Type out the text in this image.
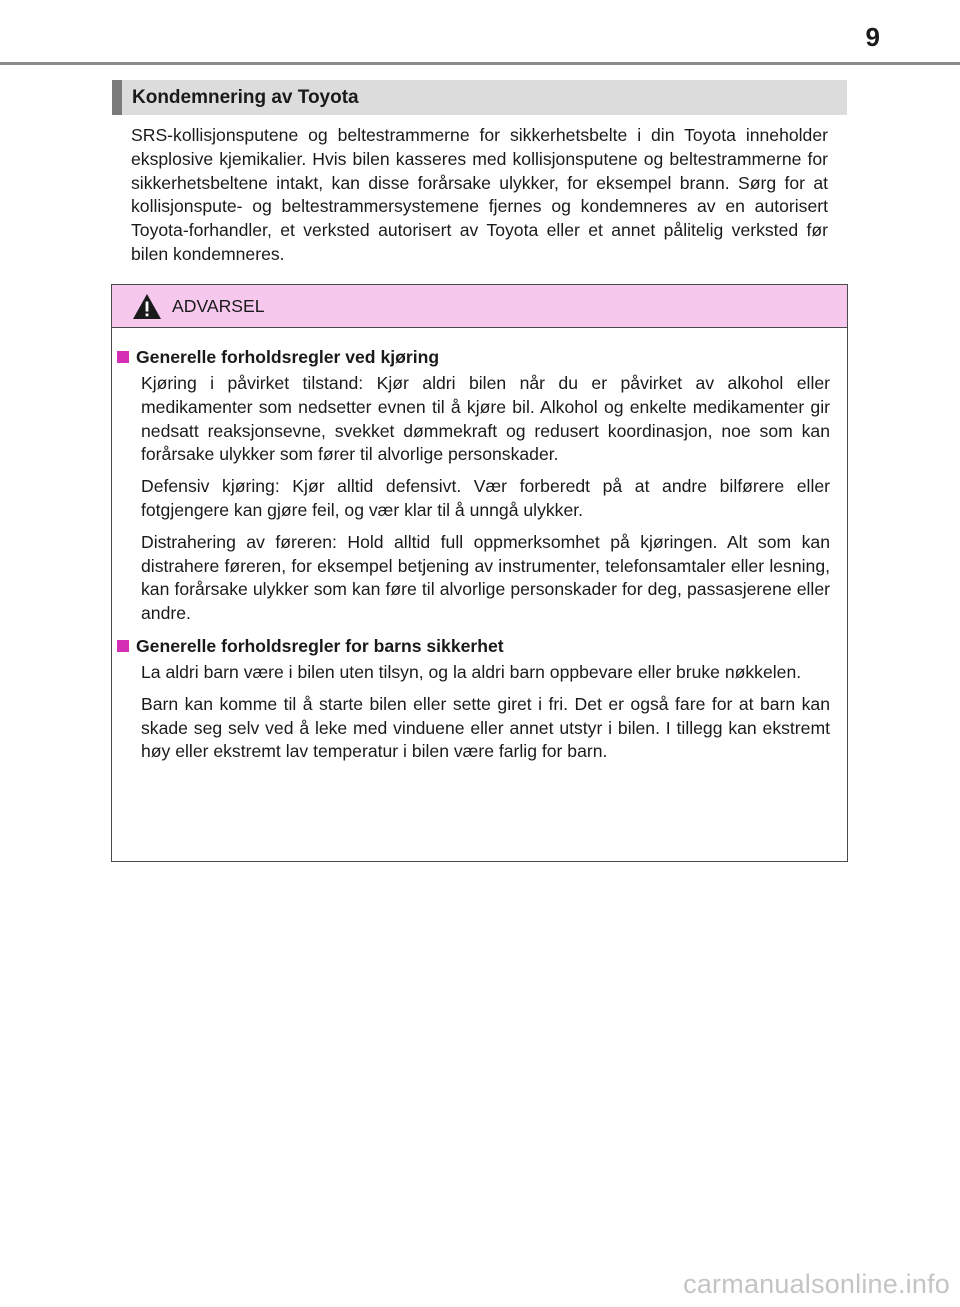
9
Kondemnering av Toyota

SRS-kollisjonsputene og beltestrammerne for sikkerhetsbelte i din Toyota inneholder eksplosive kjemikalier. Hvis bilen kasseres med kollisjonsputene og beltestrammerne for sikkerhetsbeltene intakt, kan disse forårsake ulykker, for eksempel brann. Sørg for at kollisjonspute- og beltestrammersystemene fjernes og kondemneres av en autorisert Toyota-forhandler, et verksted autorisert av Toyota eller et annet pålitelig verksted før bilen kondemneres.

ADVARSEL
Generelle forholdsregler ved kjøring

Kjøring i påvirket tilstand: Kjør aldri bilen når du er påvirket av alkohol eller medikamenter som nedsetter evnen til å kjøre bil. Alkohol og enkelte medikamenter gir nedsatt reaksjonsevne, svekket dømmekraft og redusert koordinasjon, noe som kan forårsake ulykker som fører til alvorlige personskader.

Defensiv kjøring: Kjør alltid defensivt. Vær forberedt på at andre bilførere eller fotgjengere kan gjøre feil, og vær klar til å unngå ulykker.

Distrahering av føreren: Hold alltid full oppmerksomhet på kjøringen. Alt som kan distrahere føreren, for eksempel betjening av instrumenter, telefonsamtaler eller lesning, kan forårsake ulykker som kan føre til alvorlige personskader for deg, passasjerene eller andre.

Generelle forholdsregler for barns sikkerhet

La aldri barn være i bilen uten tilsyn, og la aldri barn oppbevare eller bruke nøkkelen.

Barn kan komme til å starte bilen eller sette giret i fri. Det er også fare for at barn kan skade seg selv ved å leke med vinduene eller annet utstyr i bilen. I tillegg kan ekstremt høy eller ekstremt lav temperatur i bilen være farlig for barn.

carmanualsonline.info
